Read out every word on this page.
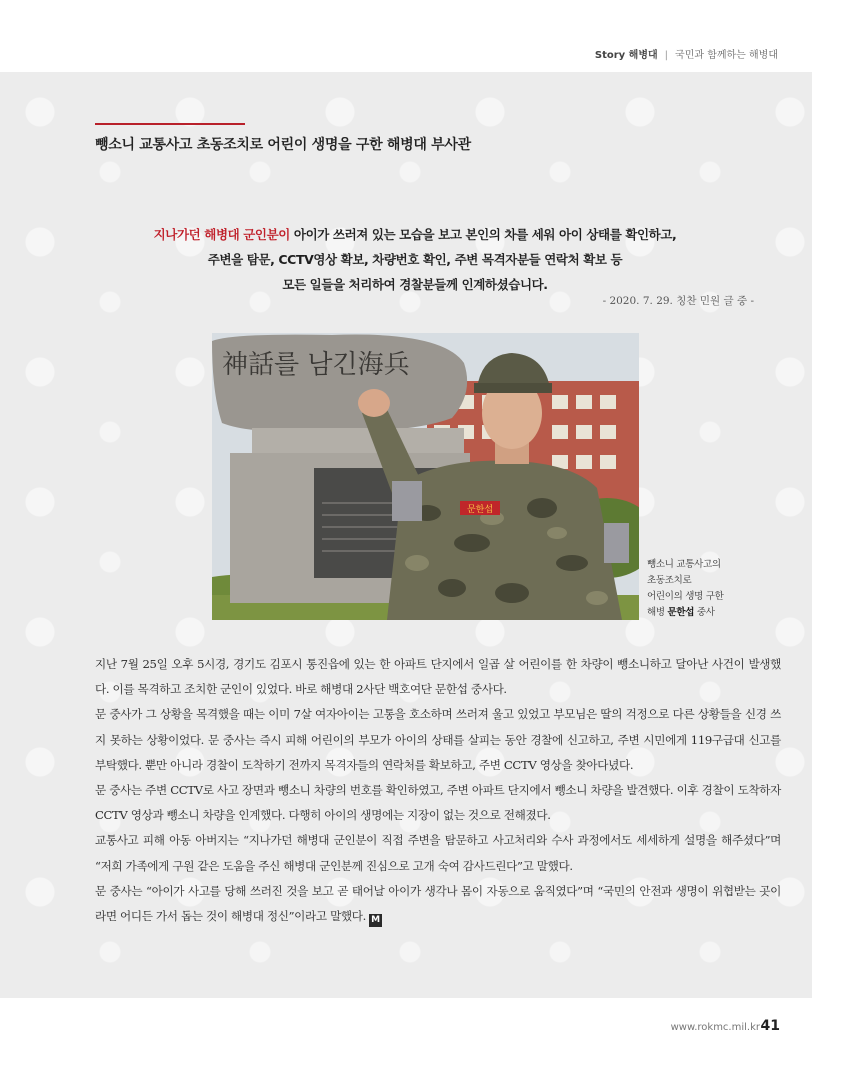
Story 해병대 | 국민과 함께하는 해병대
뺑소니 교통사고 초동조치로 어린이 생명을 구한 해병대 부사관
지나가던 해병대 군인분이 아이가 쓰러져 있는 모습을 보고 본인의 차를 세워 아이 상태를 확인하고,
주변을 탐문, CCTV영상 확보, 차량번호 확인, 주변 목격자분들 연락처 확보 등
모든 일들을 처리하여 경찰분들께 인계하셨습니다.
- 2020. 7. 29. 칭찬 민원 글 중 -
神話를 남긴海兵
문한섭
뺑소니 교통사고의
초동조치로
어린이의 생명 구한
해병 문한섭 중사

지난 7월 25일 오후 5시경, 경기도 김포시 통진읍에 있는 한 아파트 단지에서 일곱 살 어린이를 한 차량이 뺑소니하고 달아난 사건이 발생했다. 이를 목격하고 조치한 군인이 있었다. 바로 해병대 2사단 백호여단 문한섭 중사다.

문 중사가 그 상황을 목격했을 때는 이미 7살 여자아이는 고통을 호소하며 쓰러져 울고 있었고 부모님은 딸의 걱정으로 다른 상황들을 신경 쓰지 못하는 상황이었다. 문 중사는 즉시 피해 어린이의 부모가 아이의 상태를 살피는 동안 경찰에 신고하고, 주변 시민에게 119구급대 신고를 부탁했다. 뿐만 아니라 경찰이 도착하기 전까지 목격자들의 연락처를 확보하고, 주변 CCTV 영상을 찾아다녔다.

문 중사는 주변 CCTV로 사고 장면과 뺑소니 차량의 번호를 확인하였고, 주변 아파트 단지에서 뺑소니 차량을 발견했다. 이후 경찰이 도착하자 CCTV 영상과 뺑소니 차량을 인계했다. 다행히 아이의 생명에는 지장이 없는 것으로 전해졌다.

교통사고 피해 아동 아버지는 “지나가던 해병대 군인분이 직접 주변을 탐문하고 사고처리와 수사 과정에서도 세세하게 설명을 해주셨다”며 “저희 가족에게 구원 같은 도움을 주신 해병대 군인분께 진심으로 고개 숙여 감사드린다”고 말했다.

문 중사는 “아이가 사고를 당해 쓰러진 것을 보고 곧 태어날 아이가 생각나 몸이 자동으로 움직였다”며 “국민의 안전과 생명이 위협받는 곳이라면 어디든 가서 돕는 것이 해병대 정신”이라고 말했다. M

www.rokmc.mil.kr 41
